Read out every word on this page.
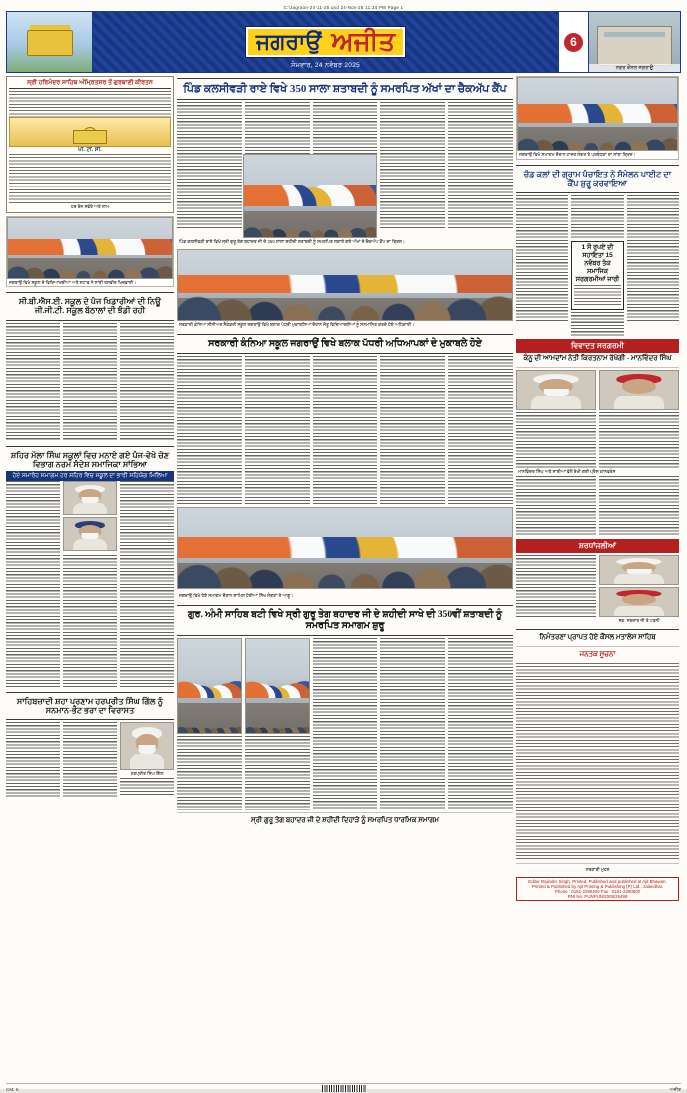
C:\Jagraon-24-11-25.qxd 24-Nov-25 11:34 PM Page 1
ਜਗਰਾਉਂ ਅਜੀਤ
ਸੋਮਵਾਰ, 24 ਨਵੰਬਰ 2025
6
ਨਗਰ ਕੌਂਸਲ ਜਗਰਾਉਂ
ਸ੍ਰੀ ਹਰਿਮੰਦਰ ਸਾਹਿਬ ਅੰਮ੍ਰਿਤਸਰ ਤੋਂ ਗੁਰਬਾਣੀ ਕੀਰਤਨ
ਪੀ. ਟੀ. ਸੀ.
ਹਰ ਰੋਜ਼ ਸਵੇਰੇ ਅਤੇ ਸ਼ਾਮ
ਜਗਰਾਉਂ ਵਿਖੇ ਸਕੂਲ ਦੇ ਵਿਦਿਆਰਥੀਆਂ ਅਤੇ ਸਟਾਫ਼ ਨੇ ਸਾਂਝੀ ਤਸਵੀਰ ਖਿਚਵਾਈ।
ਸੀ.ਬੀ.ਐਸ.ਈ. ਸਕੂਲ ਦੇ ਪੰਜ ਖਿਡਾਰੀਆਂ ਦੀ ਨਿਊ ਜੀ.ਜੀ.ਟੀ. ਸਕੂਲ ਬੱਠਾਲਾਂ ਦੀ ਝੰਡੀ ਰਹੀ
ਸ਼ਹਿਰ ਮੱਲਾ ਸਿੰਘ ਸਕੂਲਾਂ ਵਿਚ ਮਨਾਏ ਗਏ ਪੰਜ-ਵੇਖੋ ਚੋਣ ਵਿਭਾਗ ਨਰਮ ਸੰਦੇਸ਼ ਸਮਾਜਿਕਾ ਸਾਂਭਿਆ
ਹੋਏ ਸਮਾਰੋਹ ਸਮਾਗਮ ਹਰ ਸ਼ਹਿਰ ਵਿਚ ਸਕੂਲ ਦਾ ਭਾਰੀ ਸਹਿਯੋਗ ਮਿਲਿਆ
ਸਾਹਿਬਜ਼ਾਦੀ ਸ਼ਹਾ ਪ੍ਰਣਾਮ ਹਰਪ੍ਰੀਤ ਸਿੰਘ ਗਿੱਲ ਨੂੰ ਸਨਮਾਨ-ਭੇਟ ਭਰਾ ਦਾ ਵਿਰਾਸਤ
ਹਰਪ੍ਰੀਤ ਸਿੰਘ ਗਿੱਲ
ਪਿੰਡ ਕਲਸੀਵੜੀ ਰਾਏ ਵਿਖੇ 350 ਸਾਲਾ ਸ਼ਤਾਬਦੀ ਨੂੰ ਸਮਰਪਿਤ ਅੱਖਾਂ ਦਾ ਚੈਕਅੱਪ ਕੈਂਪ
ਪਿੰਡ ਕਲਸੀਵੜੀ ਰਾਏ ਵਿਖੇ ਸ੍ਰੀ ਗੁਰੂ ਤੇਗ ਬਹਾਦਰ ਜੀ ਦੇ 350 ਸਾਲਾ ਸ਼ਹੀਦੀ ਸ਼ਤਾਬਦੀ ਨੂੰ ਸਮਰਪਿਤ ਲਗਾਏ ਗਏ ਅੱਖਾਂ ਦੇ ਚੈਕਅੱਪ ਕੈਂਪ ਦਾ ਦ੍ਰਿਸ਼।
ਸਰਕਾਰੀ ਕੰਨਿਆ ਸੀਨੀਅਰ ਸੈਕੰਡਰੀ ਸਕੂਲ ਜਗਰਾਉਂ ਵਿਖੇ ਬਲਾਕ ਪੱਧਰੀ ਮੁਕਾਬਲਿਆਂ ਦੌਰਾਨ ਜੇਤੂ ਵਿਦਿਆਰਥੀਆਂ ਨੂੰ ਸਨਮਾਨਿਤ ਕਰਦੇ ਹੋਏ ਅਧਿਕਾਰੀ।
ਸਰਕਾਰੀ ਕੰਨਿਆ ਸਕੂਲ ਜਗਰਾਉਂ ਵਿਖੇ ਬਲਾਕ ਪੱਧਰੀ ਅਧਿਆਪਕਾਂ ਦੇ ਮੁਕਾਬਲੇ ਹੋਏ
ਜਗਰਾਉਂ ਵਿਖੇ ਹੋਏ ਸਮਾਗਮ ਦੌਰਾਨ ਸ਼ਾਮਿਲ ਹੋਈਆਂ ਸਿੱਖ ਸੰਗਤਾਂ ਤੇ ਆਗੂ।
ਗੁਰ. ਅੰਮੀ ਸਾਹਿਬ ਬਟੀ ਵਿਖੇ ਸ੍ਰੀ ਗੁਰੂ ਤੇਗ ਬਹਾਦਰ ਜੀ ਦੇ ਸ਼ਹੀਦੀ ਸਾਖੇ ਦੀ 350ਵੀਂ ਸ਼ਤਾਬਦੀ ਨੂੰ ਸਮਰਪਿਤ ਸਮਾਗਮ ਸ਼ੁਰੂ
ਸ੍ਰੀ ਗੁਰੂ ਤੇਗ ਬਹਾਦਰ ਜੀ ਦੇ ਸ਼ਹੀਦੀ ਦਿਹਾੜੇ ਨੂੰ ਸਮਰਪਿਤ ਧਾਰਮਿਕ ਸਮਾਗਮ
ਜਗਰਾਉਂ ਵਿਖੇ ਸਮਾਗਮ ਦੌਰਾਨ ਹਾਜ਼ਰ ਸੰਗਤ ਤੇ ਪ੍ਰਬੰਧਕਾਂ ਦਾ ਸਾਂਝਾ ਦ੍ਰਿਸ਼।
ਚੰਡ ਕਲਾਂ ਦੀ ਗ੍ਰਾਮ ਪੰਚਾਇਤ ਨੇ ਸੰਮੇਲਨ ਪਾਈਟ ਦਾ ਕੈਂਪ ਸ਼ੁਰੂ ਕਰਵਾਇਆ
1 ਸੌ ਰੁਪਏ ਦੀ ਸਹਾਇਤਾ 15 ਨਵੰਬਰ ਤੱਕ ਸਮਾਜਿਕ ਸਰਗਰਮੀਆਂ ਜਾਰੀ
ਵਿਵਾਦਤ ਸਰਗਰਮੀ
ਕੰਨੂ ਦੀ ਆਮਦਾਂਮ ਨੇਤੀ ਕਿਰਤਨਾਮ ਰੱਖੇਗੀ - ਮਾਨਵਿੰਦਰ ਸਿੰਘ
ਮਾਨਵਿੰਦਰ ਸਿੰਘ ਅਤੇ ਸਾਥੀਆਂ ਵੱਲੋਂ ਰੱਖੀ ਗਈ ਪ੍ਰੈਸ ਕਾਨਫਰੰਸ
ਸ਼ਰਧਾਂਜਲੀਆਂ
ਸਵ. ਸਰਦਾਰ ਜੀ ਤੇ ਪਤਨੀ
ਨਿਮੰਤਰਣਾ ਪ੍ਰਾਪਤ ਹੋਏ ਕੌਂਸਲ ਮਤਾਲੇਸ ਸਾਹਿਬ
ਜਨਤਕ ਸੂਚਨਾ
ਸਰਕਾਰੀ ਮੁਹਰ
Editor Rajinder Singh. Printed, Published and published at Ajit Bhawan,
Printed & Published by Ajit Printing & Publishing (P) Ltd., Jalandhar.
Phone : 0181-2290400 Fax : 0181-2290500
RNI No. PUNPUN/2008/26488
CM: K	ਅਜੀਤ
